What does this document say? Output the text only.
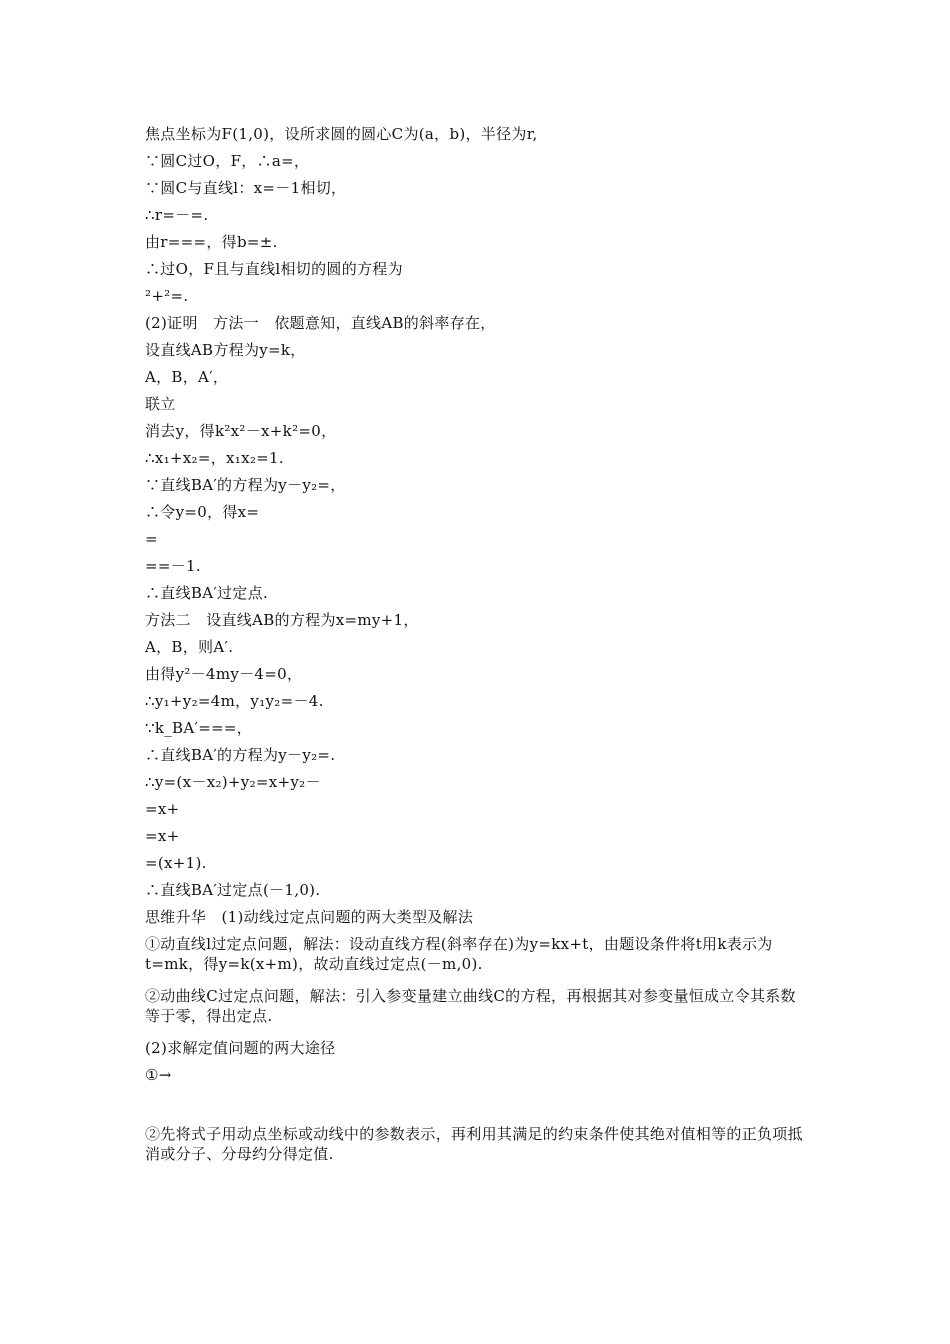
焦点坐标为F(1,0)，设所求圆的圆心C为(a，b)，半径为r,
∵圆C过O，F，∴a=，
∵圆C与直线l：x=－1相切，
∴r=－=.
由r===，得b=±.
∴过O，F且与直线l相切的圆的方程为
²+²=.
(2)证明　方法一　依题意知，直线AB的斜率存在，
设直线AB方程为y=k，
A，B，A′，
联立
消去y，得k²x²－x+k²=0，
∴x₁+x₂=，x₁x₂=1.
∵直线BA′的方程为y－y₂=，
∴令y=0，得x=
=
==－1.
∴直线BA′过定点.
方法二　设直线AB的方程为x=my+1，
A，B，则A′.
由得y²－4my－4=0，
∴y₁+y₂=4m，y₁y₂=－4.
∵k_BA′===，
∴直线BA′的方程为y－y₂=.
∴y=(x－x₂)+y₂=x+y₂－
=x+
=x+
=(x+1).
∴直线BA′过定点(－1,0).
思维升华　(1)动线过定点问题的两大类型及解法
①动直线l过定点问题，解法：设动直线方程(斜率存在)为y=kx+t，由题设条件将t用k表示为t=mk，得y=k(x+m)，故动直线过定点(－m,0).
②动曲线C过定点问题，解法：引入参变量建立曲线C的方程，再根据其对参变量恒成立令其系数等于零，得出定点.
(2)求解定值问题的两大途径
①→
②先将式子用动点坐标或动线中的参数表示，再利用其满足的约束条件使其绝对值相等的正负项抵消或分子、分母约分得定值.
